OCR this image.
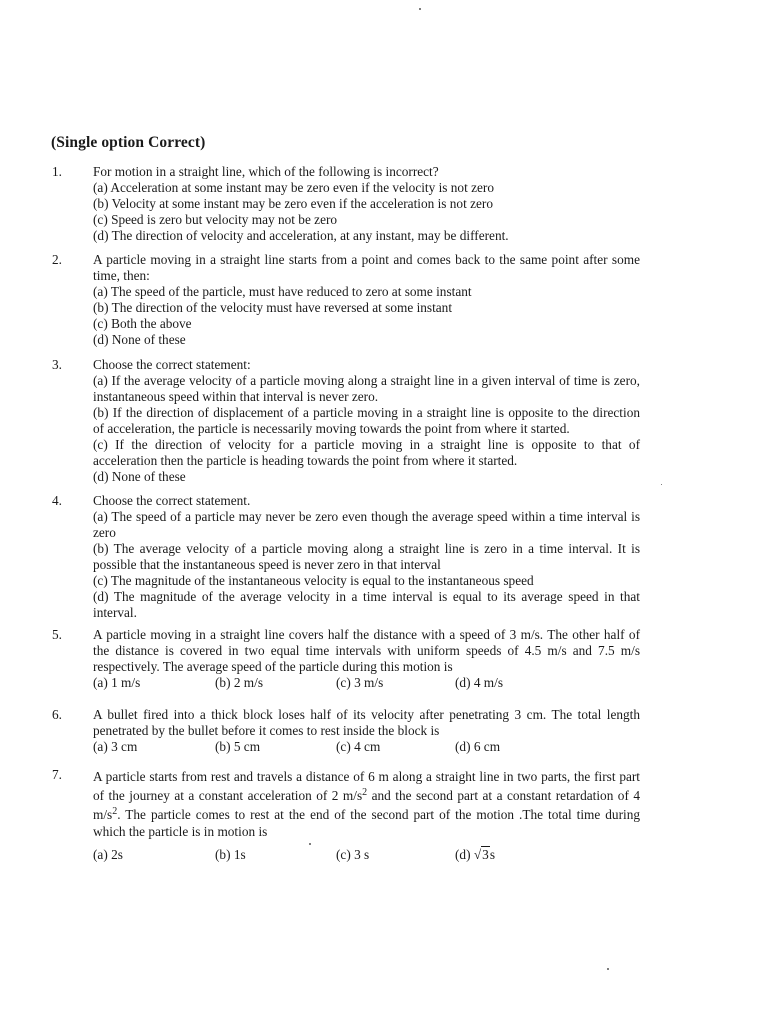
(Single option Correct)
1. For motion in a straight line, which of the following is incorrect?
(a) Acceleration at some instant may be zero even if the velocity is not zero
(b) Velocity at some instant may be zero even if the acceleration is not zero
(c) Speed is zero but velocity may not be zero
(d) The direction of velocity and acceleration, at any instant, may be different.
2. A particle moving in a straight line starts from a point and comes back to the same point after some
time, then:
(a) The speed of the particle, must have reduced to zero at some instant
(b) The direction of the velocity must have reversed at some instant
(c) Both the above
(d) None of these
3. Choose the correct statement:
(a) If the average velocity of a particle moving along a straight line in a given interval of time is zero,
instantaneous speed within that interval is never zero.
(b) If the direction of displacement of a particle moving in a straight line is opposite to the direction
of acceleration, the particle is necessarily moving towards the point from where it started.
(c) If the direction of velocity for a particle moving in a straight line is opposite to that of
acceleration then the particle is heading towards the point from where it started.
(d) None of these
4. Choose the correct statement.
(a) The speed of a particle may never be zero even though the average speed within a time interval is
zero
(b) The average velocity of a particle moving along a straight line is zero in a time interval. It is
possible that the instantaneous speed is never zero in that interval
(c) The magnitude of the instantaneous velocity is equal to the instantaneous speed
(d) The magnitude of the average velocity in a time interval is equal to its average speed in that
interval.
5. A particle moving in a straight line covers half the distance with a speed of 3 m/s. The other half of
the distance is covered in two equal time intervals with uniform speeds of 4.5 m/s and 7.5 m/s
respectively. The average speed of the particle during this motion is
(a) 1 m/s	(b) 2 m/s	(c) 3 m/s	(d) 4 m/s
6. A bullet fired into a thick block loses half of its velocity after penetrating 3 cm. The total length
penetrated by the bullet before it comes to rest inside the block is
(a) 3 cm	(b) 5 cm	(c) 4 cm	(d) 6 cm
7. A particle starts from rest and travels a distance of 6 m along a straight line in two parts, the first part
of the journey at a constant acceleration of 2 $m/s^2$ and the second part at a constant retardation of 4
$m/s^2$. The particle comes to rest at the end of the second part of the motion .The total time during
which the particle is in motion is
(a) 2s	(b) 1s	(c) 3 s	(d) √3s
